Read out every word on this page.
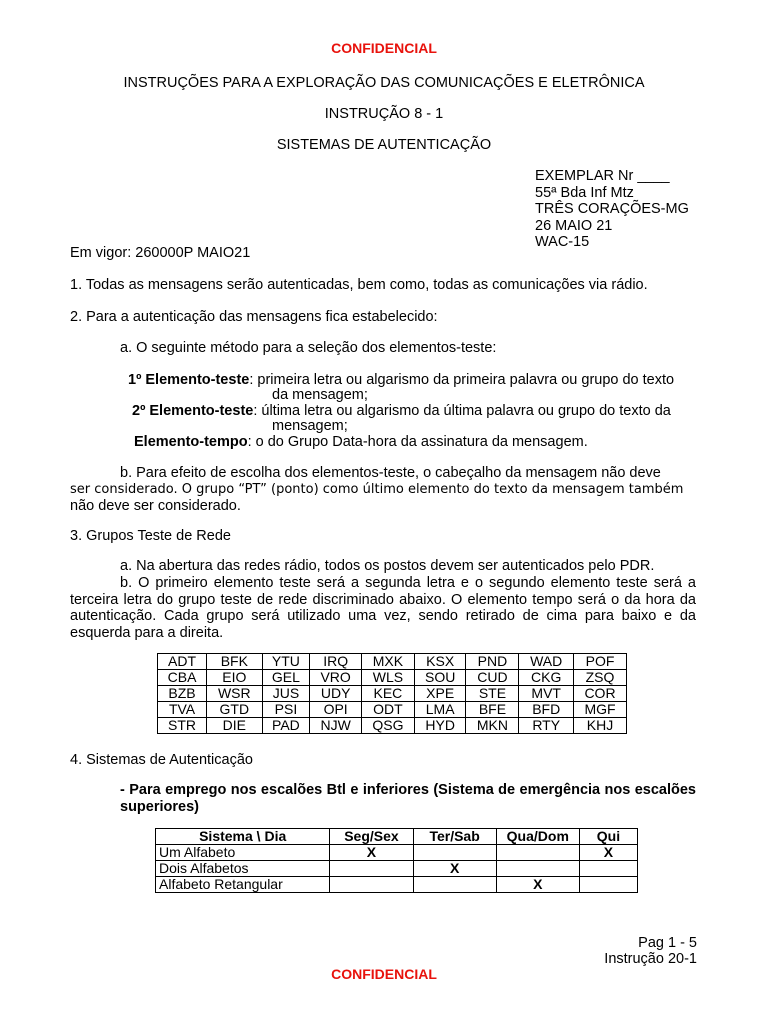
CONFIDENCIAL
INSTRUÇÕES PARA A EXPLORAÇÃO DAS COMUNICAÇÕES E ELETRÔNICA
INSTRUÇÃO 8 - 1
SISTEMAS DE AUTENTICAÇÃO
EXEMPLAR Nr ____
55ª Bda Inf Mtz
TRÊS CORAÇÕES-MG
26 MAIO 21
WAC-15
Em vigor: 260000P MAIO21
1. Todas as mensagens serão autenticadas, bem como, todas as comunicações via rádio.
2. Para a autenticação das mensagens fica estabelecido:
a. O seguinte método para a seleção dos elementos-teste:
1º Elemento-teste: primeira letra ou algarismo da primeira palavra ou grupo do texto
da mensagem;
2º Elemento-teste: última letra ou algarismo da última palavra ou grupo do texto da
mensagem;
Elemento-tempo: o do Grupo Data-hora da assinatura da mensagem.
b. Para efeito de escolha dos elementos-teste, o cabeçalho da mensagem não deve
ser considerado. O grupo “PT” (ponto) como último elemento do texto da mensagem também
não deve ser considerado.
3. Grupos Teste de Rede
a. Na abertura das redes rádio, todos os postos devem ser autenticados pelo PDR.
b. O primeiro elemento teste será a segunda letra e o segundo elemento teste será a terceira letra do grupo teste de rede discriminado abaixo. O elemento tempo será o da hora da autenticação. Cada grupo será utilizado uma vez, sendo retirado de cima para baixo e da esquerda para a direita.
ADT	BFK	YTU	IRQ	MXK	KSX	PND	WAD	POF
CBA	EIO	GEL	VRO	WLS	SOU	CUD	CKG	ZSQ
BZB	WSR	JUS	UDY	KEC	XPE	STE	MVT	COR
TVA	GTD	PSI	OPI	ODT	LMA	BFE	BFD	MGF
STR	DIE	PAD	NJW	QSG	HYD	MKN	RTY	KHJ
4. Sistemas de Autenticação
- Para emprego nos escalões Btl e inferiores (Sistema de emergência nos escalões superiores)
Sistema \ Dia	Seg/Sex	Ter/Sab	Qua/Dom	Qui
Um Alfabeto	X			X
Dois Alfabetos		X		
Alfabeto Retangular			X	
Pag 1 - 5
Instrução 20-1
CONFIDENCIAL
